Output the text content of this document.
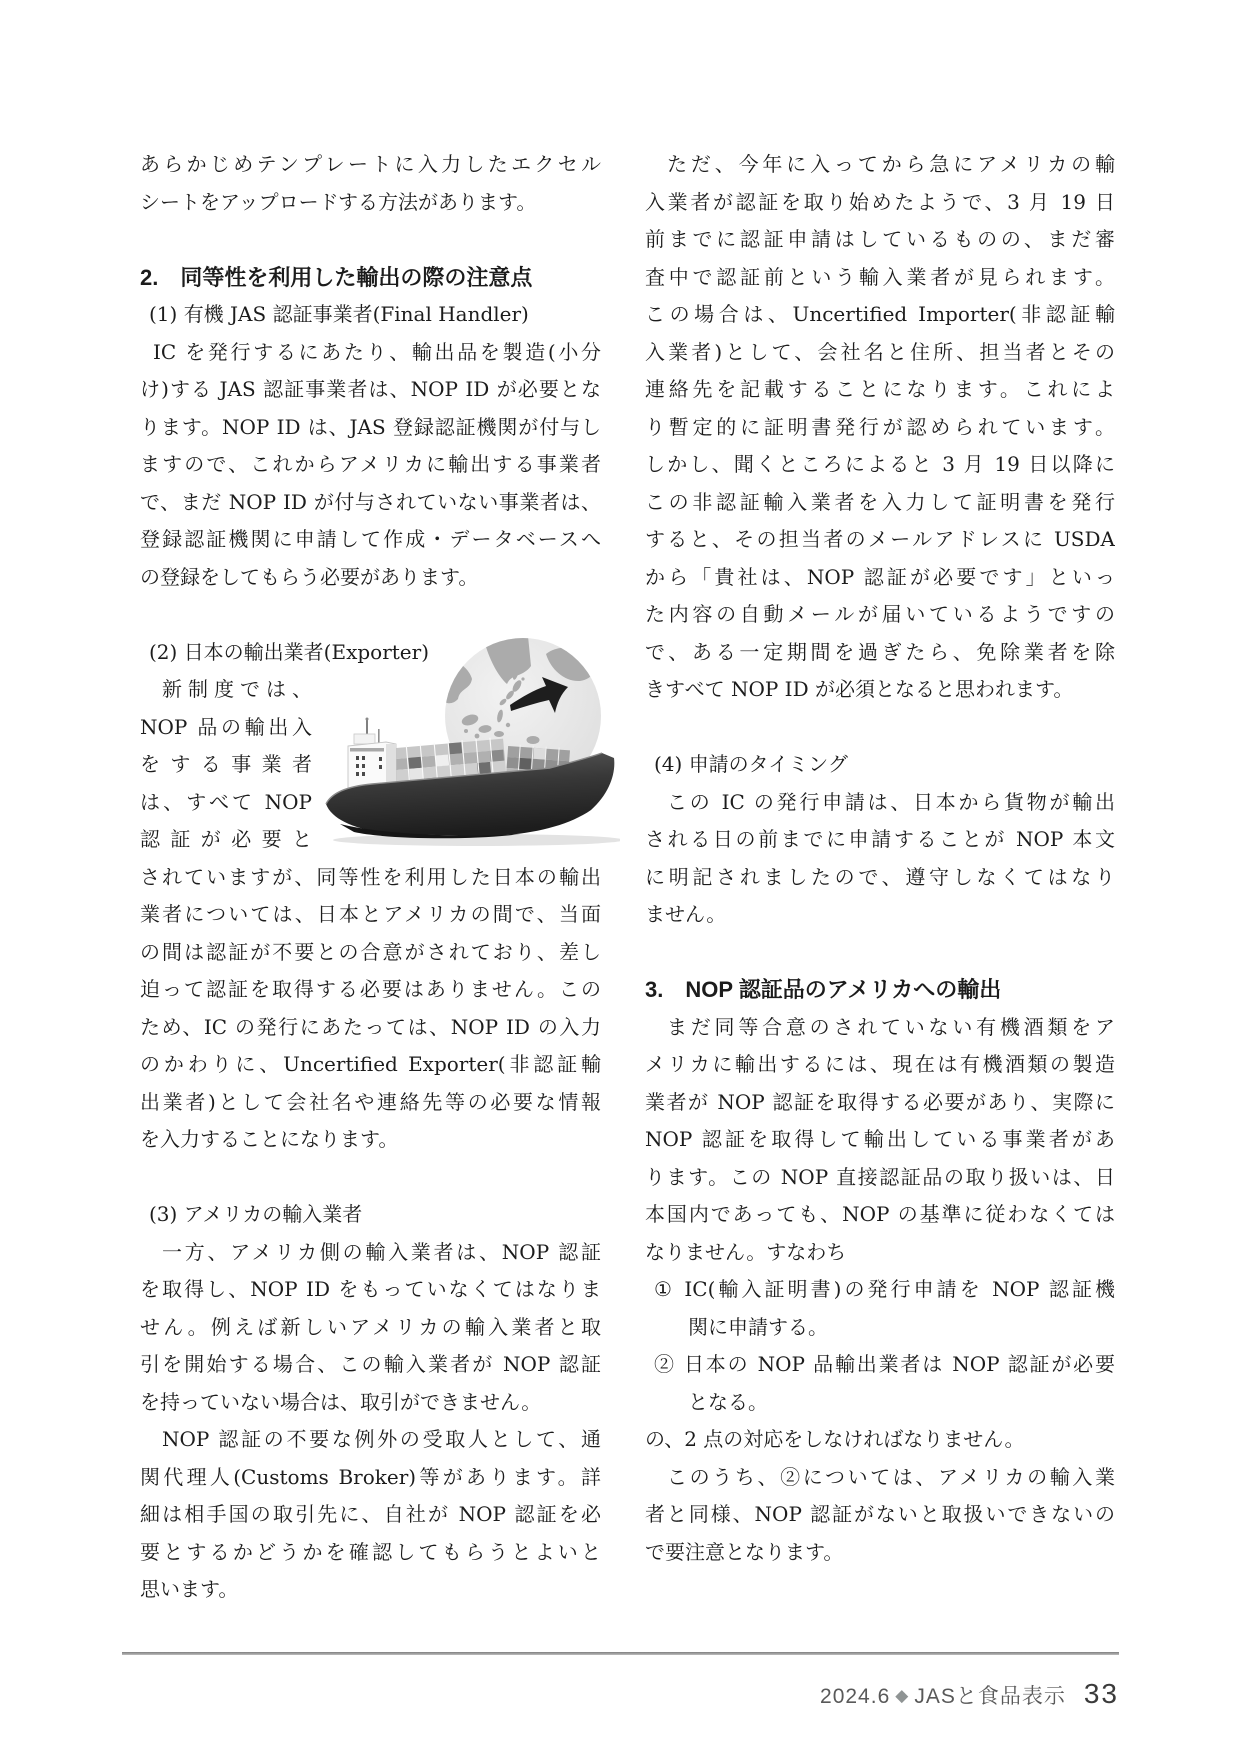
あらかじめテンプレートに入力したエクセル
シートをアップロードする方法があります。
2.　同等性を利用した輸出の際の注意点
(1) 有機 JAS 認証事業者(Final Handler)
IC を発行するにあたり、輸出品を製造(小分
け)する JAS 認証事業者は、NOP ID が必要とな
ります。NOP ID は、JAS 登録認証機関が付与し
ますので、これからアメリカに輸出する事業者
で、まだ NOP ID が付与されていない事業者は、
登録認証機関に申請して作成・データベースへ
の登録をしてもらう必要があります。
(2) 日本の輸出業者(Exporter)
新制度では、
NOP 品の輸出入
をする事業者
は、すべて NOP
認証が必要と
されていますが、同等性を利用した日本の輸出
業者については、日本とアメリカの間で、当面
の間は認証が不要との合意がされており、差し
迫って認証を取得する必要はありません。この
ため、IC の発行にあたっては、NOP ID の入力
のかわりに、Uncertified Exporter(非認証輸
出業者)として会社名や連絡先等の必要な情報
を入力することになります。
(3) アメリカの輸入業者
一方、アメリカ側の輸入業者は、NOP 認証
を取得し、NOP ID をもっていなくてはなりま
せん。例えば新しいアメリカの輸入業者と取
引を開始する場合、この輸入業者が NOP 認証
を持っていない場合は、取引ができません。
NOP 認証の不要な例外の受取人として、通
関代理人(Customs Broker)等があります。詳
細は相手国の取引先に、自社が NOP 認証を必
要とするかどうかを確認してもらうとよいと
思います。
ただ、今年に入ってから急にアメリカの輸
入業者が認証を取り始めたようで、3 月 19 日
前までに認証申請はしているものの、まだ審
査中で認証前という輸入業者が見られます。
この場合は、Uncertified Importer(非認証輸
入業者)として、会社名と住所、担当者とその
連絡先を記載することになります。これによ
り暫定的に証明書発行が認められています。
しかし、聞くところによると 3 月 19 日以降に
この非認証輸入業者を入力して証明書を発行
すると、その担当者のメールアドレスに USDA
から「貴社は、NOP 認証が必要です」といっ
た内容の自動メールが届いているようですの
で、ある一定期間を過ぎたら、免除業者を除
きすべて NOP ID が必須となると思われます。
(4) 申請のタイミング
この IC の発行申請は、日本から貨物が輸出
される日の前までに申請することが NOP 本文
に明記されましたので、遵守しなくてはなり
ません。
3.　NOP 認証品のアメリカへの輸出
まだ同等合意のされていない有機酒類をア
メリカに輸出するには、現在は有機酒類の製造
業者が NOP 認証を取得する必要があり、実際に
NOP 認証を取得して輸出している事業者があ
ります。この NOP 直接認証品の取り扱いは、日
本国内であっても、NOP の基準に従わなくては
なりません。すなわち
① IC(輸入証明書)の発行申請を NOP 認証機
関に申請する。
② 日本の NOP 品輸出業者は NOP 認証が必要
となる。
の、2 点の対応をしなければなりません。
このうち、②については、アメリカの輸入業
者と同様、NOP 認証がないと取扱いできないの
で要注意となります。
2024.6 ◆ JASと食品表示 33
